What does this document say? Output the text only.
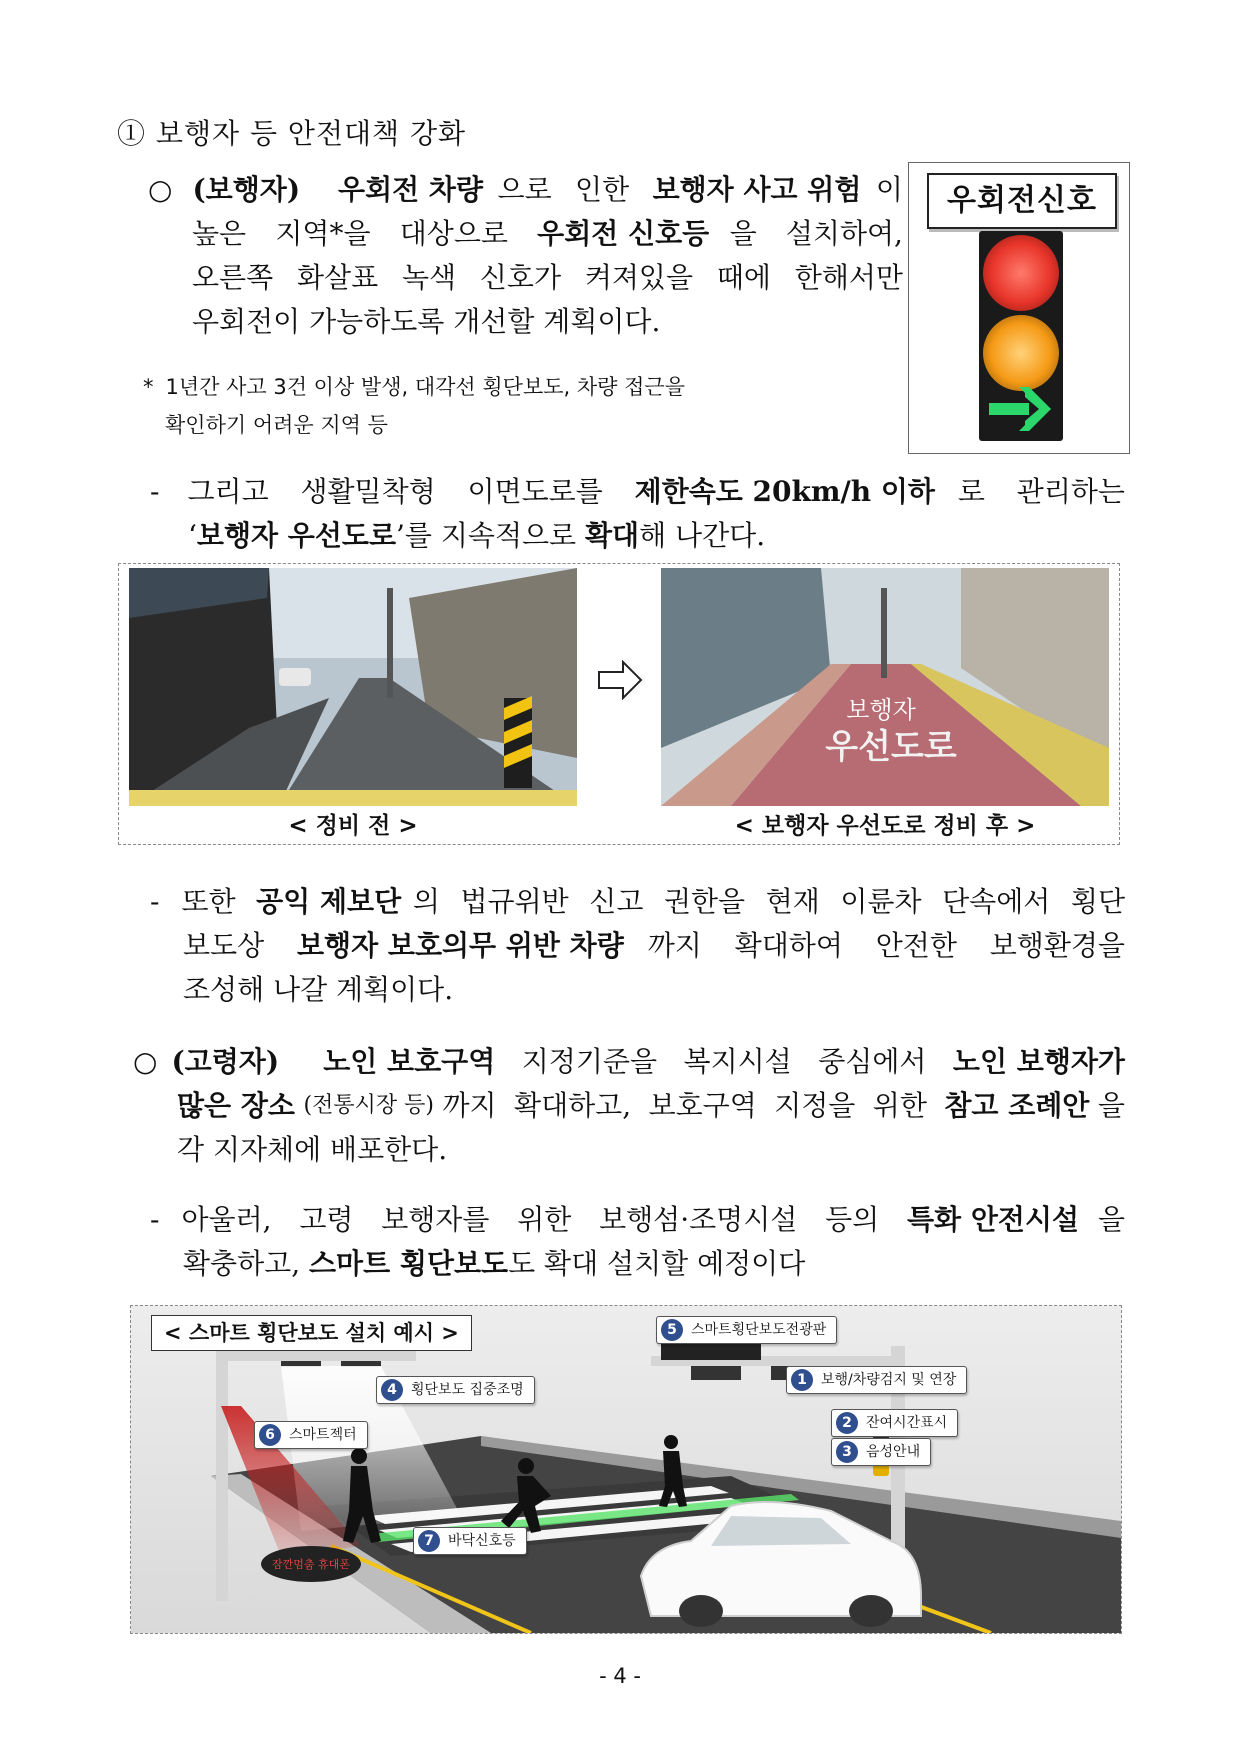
① 보행자 등 안전대책 강화
○ (보행자)
우회전 차량 으로 인한 보행자 사고 위험 이
높은 지역*을 대상으로 우회전 신호등 을 설치하여,
오른쪽 화살표 녹색 신호가 켜져있을 때에 한해서만
우회전이 가능하도록 개선할 계획이다.
* 1년간 사고 3건 이상 발생, 대각선 횡단보도, 차량 접근을
확인하기 어려운 지역 등
우회전신호
- 그리고 생활밀착형 이면도로를 제한속도 20km/h 이하 로 관리하는
‘보행자 우선도로’를 지속적으로 확대해 나간다.
보행자
우선도로
< 정비 전 >	< 보행자 우선도로 정비 후 >
- 또한 공익 제보단 의 법규위반 신고 권한을 현재 이륜차 단속에서 횡단
보도상 보행자 보호의무 위반 차량 까지 확대하여 안전한 보행환경을
조성해 나갈 계획이다.
○ (고령자)
노인 보호구역 지정기준을 복지시설 중심에서 노인 보행자가
많은 장소 (전통시장 등) 까지 확대하고, 보호구역 지정을 위한 참고 조례안 을
각 지자체에 배포한다.
- 아울러, 고령 보행자를 위한 보행섬·조명시설 등의 특화 안전시설 을
확충하고, 스마트 횡단보도도 확대 설치할 예정이다
잠깐멈춤 휴대폰
< 스마트 횡단보도 설치 예시 >	5 스마트횡단보도전광판
1 보행/차량검지 및 연장
4 횡단보도 집중조명
2 잔여시간표시
6 스마트젝터
3 음성안내
7 바닥신호등
- 4 -
